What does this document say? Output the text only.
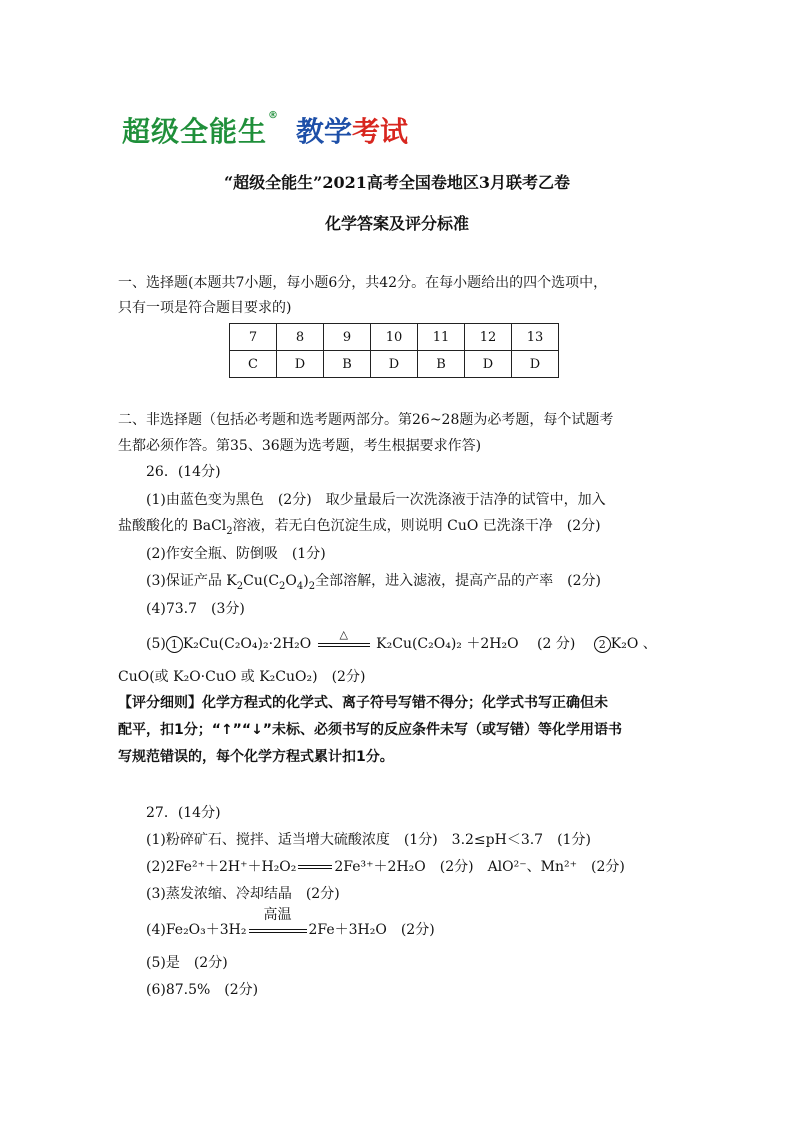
超级全能生® 教学考试
“超级全能生”2021高考全国卷地区3月联考乙卷
化学答案及评分标准
一、选择题(本题共7小题，每小题6分，共42分。在每小题给出的四个选项中，
只有一项是符合题目要求的)
7	8	9	10	11	12	13
C	D	B	D	B	D	D
二、非选择题（包括必考题和选考题两部分。第26~28题为必考题，每个试题考
生都必须作答。第35、36题为选考题，考生根据要求作答)
26．(14分)
(1)由蓝色变为黑色　(2分)　取少量最后一次洗涤液于洁净的试管中，加入
盐酸酸化的 BaCl$_2$溶液，若无白色沉淀生成，则说明 CuO 已洗涤干净　(2分)
(2)作安全瓶、防倒吸　(1分)
(3)保证产品 $K_2Cu(C_2O_4)_2$全部溶解，进入滤液，提高产品的产率　(2分)
(4)73.7　(3分)
(5) 1 K₂Cu(C₂O₄)₂·2H₂O
△
K₂Cu(C₂O₄)₂ ＋2H₂O　 (2 分)　 2 K₂O 、
CuO(或 K₂O·CuO 或 K₂CuO₂)　(2分)
【评分细则】化学方程式的化学式、离子符号写错不得分；化学式书写正确但未
配平，扣1分；“↑”“↓”未标、必须书写的反应条件未写（或写错）等化学用语书
写规范错误的，每个化学方程式累计扣1分。
27．(14分)
(1)粉碎矿石、搅拌、适当增大硫酸浓度　(1分)　3.2≤pH＜3.7　(1分)
(2)2Fe²⁺＋2H⁺＋H₂O₂	2Fe³⁺＋2H₂O　(2分)　AlO²⁻、Mn²⁺　(2分)
(3)蒸发浓缩、冷却结晶　(2分)
(4)Fe₂O₃＋3H₂
高温
2Fe＋3H₂O　(2分)
(5)是　(2分)
(6)87.5%　(2分)
